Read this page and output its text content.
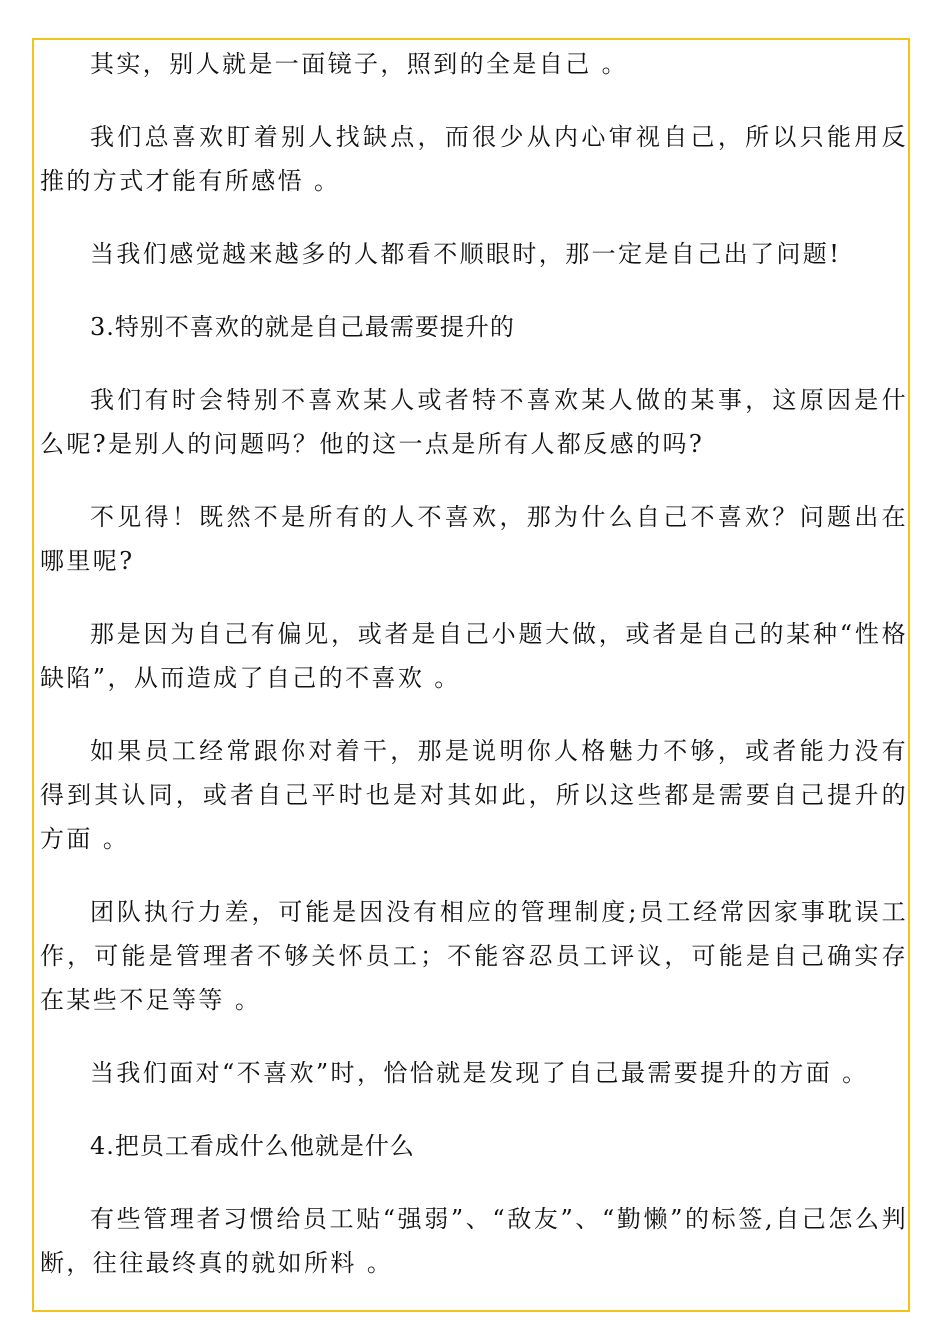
其实，别人就是一面镜子，照到的全是自己 。

我们总喜欢盯着别人找缺点，而很少从内心审视自己，所以只能用反推的方式才能有所感悟 。

当我们感觉越来越多的人都看不顺眼时，那一定是自己出了问题!

3.特别不喜欢的就是自己最需要提升的

我们有时会特别不喜欢某人或者特不喜欢某人做的某事，这原因是什么呢?是别人的问题吗？他的这一点是所有人都反感的吗?

不见得！既然不是所有的人不喜欢，那为什么自己不喜欢？问题出在哪里呢?

那是因为自己有偏见，或者是自己小题大做，或者是自己的某种“性格缺陷”，从而造成了自己的不喜欢 。

如果员工经常跟你对着干，那是说明你人格魅力不够，或者能力没有得到其认同，或者自己平时也是对其如此，所以这些都是需要自己提升的方面 。

团队执行力差，可能是因没有相应的管理制度;员工经常因家事耽误工作，可能是管理者不够关怀员工；不能容忍员工评议，可能是自己确实存在某些不足等等 。

当我们面对“不喜欢”时，恰恰就是发现了自己最需要提升的方面 。

4.把员工看成什么他就是什么

有些管理者习惯给员工贴“强弱”、“敌友”、“勤懒”的标签,自己怎么判断，往往最终真的就如所料 。
